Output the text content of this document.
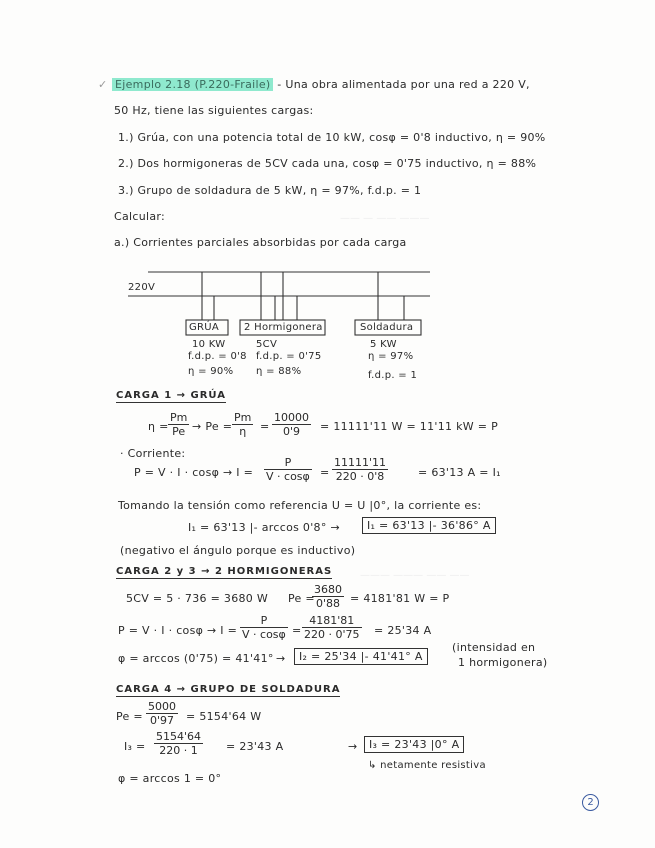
—— — —— ———
——— ——— —— ——
✓ Ejemplo 2.18 (P.220-Fraile) - Una obra alimentada por una red a 220 V,
50 Hz, tiene las siguientes cargas:
1.) Grúa, con una potencia total de 10 kW, cosφ = 0'8 inductivo, η = 90%
2.) Dos hormigoneras de 5CV cada una, cosφ = 0'75 inductivo, η = 88%
3.) Grupo de soldadura de 5 kW, η = 97%, f.d.p. = 1
Calcular:
a.) Corrientes parciales absorbidas por cada carga
220V
GRÚA 2 Hormigonera	Soldadura
10 KW
f.d.p. = 0'8
η = 90%
5CV
f.d.p. = 0'75
η = 88%
5 KW
η = 97%
f.d.p. = 1
CARGA 1 → GRÚA
$\eta = \frac{Pm}{Pe} \to Pe = \frac{Pm}{\eta} = \frac{10000}{0'9} = 11111'11$ W = 11'11 kW = P
· Corriente:
$P = V \cdot I \cdot \cos\varphi \to I = \frac{P}{V \cdot \cos\varphi} = \frac{11111'11}{220 \cdot 0'8}$	= 63'13 A = I₁
Tomando la tensión como referencia U = U |0°, la corriente es:
I₁ = 63'13 |- arccos 0'8° →	I₁ = 63'13 |- 36'86° A
(negativo el ángulo porque es inductivo)
CARGA 2 y 3 → 2 HORMIGONERAS
5CV = 5 · 736 = 3680 W Pe =
$\frac{3680}{0'88} = 4181'81$ W = P
$P = V \cdot I \cdot \cos\varphi \to I = \frac{P}{V \cdot \cos\varphi} = \frac{4181'81}{220 \cdot 0'75} = 25'34$ A
φ = arccos (0'75) = 41'41° →	I₂ = 25'34 |- 41'41° A
(intensidad en
1 hormigonera)
CARGA 4 → GRUPO DE SOLDADURA
$Pe = \frac{5000}{0'97} = 5154'64$ W
$I_3 = \frac{5154'64}{220 \cdot 1} = 23'43$ A	→	I₃ = 23'43 |0° A
↳ netamente resistiva
φ = arccos 1 = 0°
2
